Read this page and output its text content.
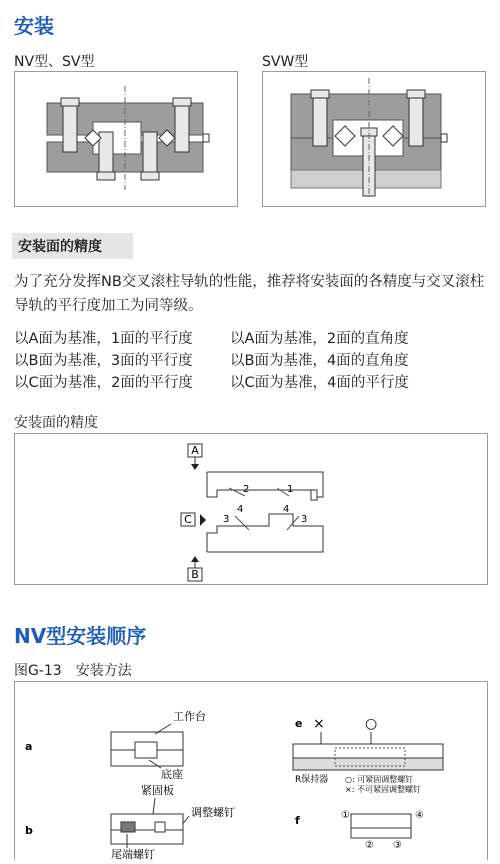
安装
NV型、SV型	SVW型
安装面的精度
为了充分发挥NB交叉滚柱导轨的性能，推荐将安装面的各精度与交叉滚柱导轨的平行度加工为同等级。
以A面为基准，1面的平行度	以A面为基准，2面的直角度
以B面为基准，3面的平行度	以B面为基准，4面的直角度
以C面为基准，2面的平行度	以C面为基准，4面的平行度
安装面的精度
A
C
B
2	1
4	4
3	3
NV型安装顺序
图G-13　安装方法
a
工作台
底座
b
紧固板
调整螺钉
尾端螺钉
e ×	○
R保持器 ○: 可紧固调整螺钉
×: 不可紧固调整螺钉
f	①
② ③
④
